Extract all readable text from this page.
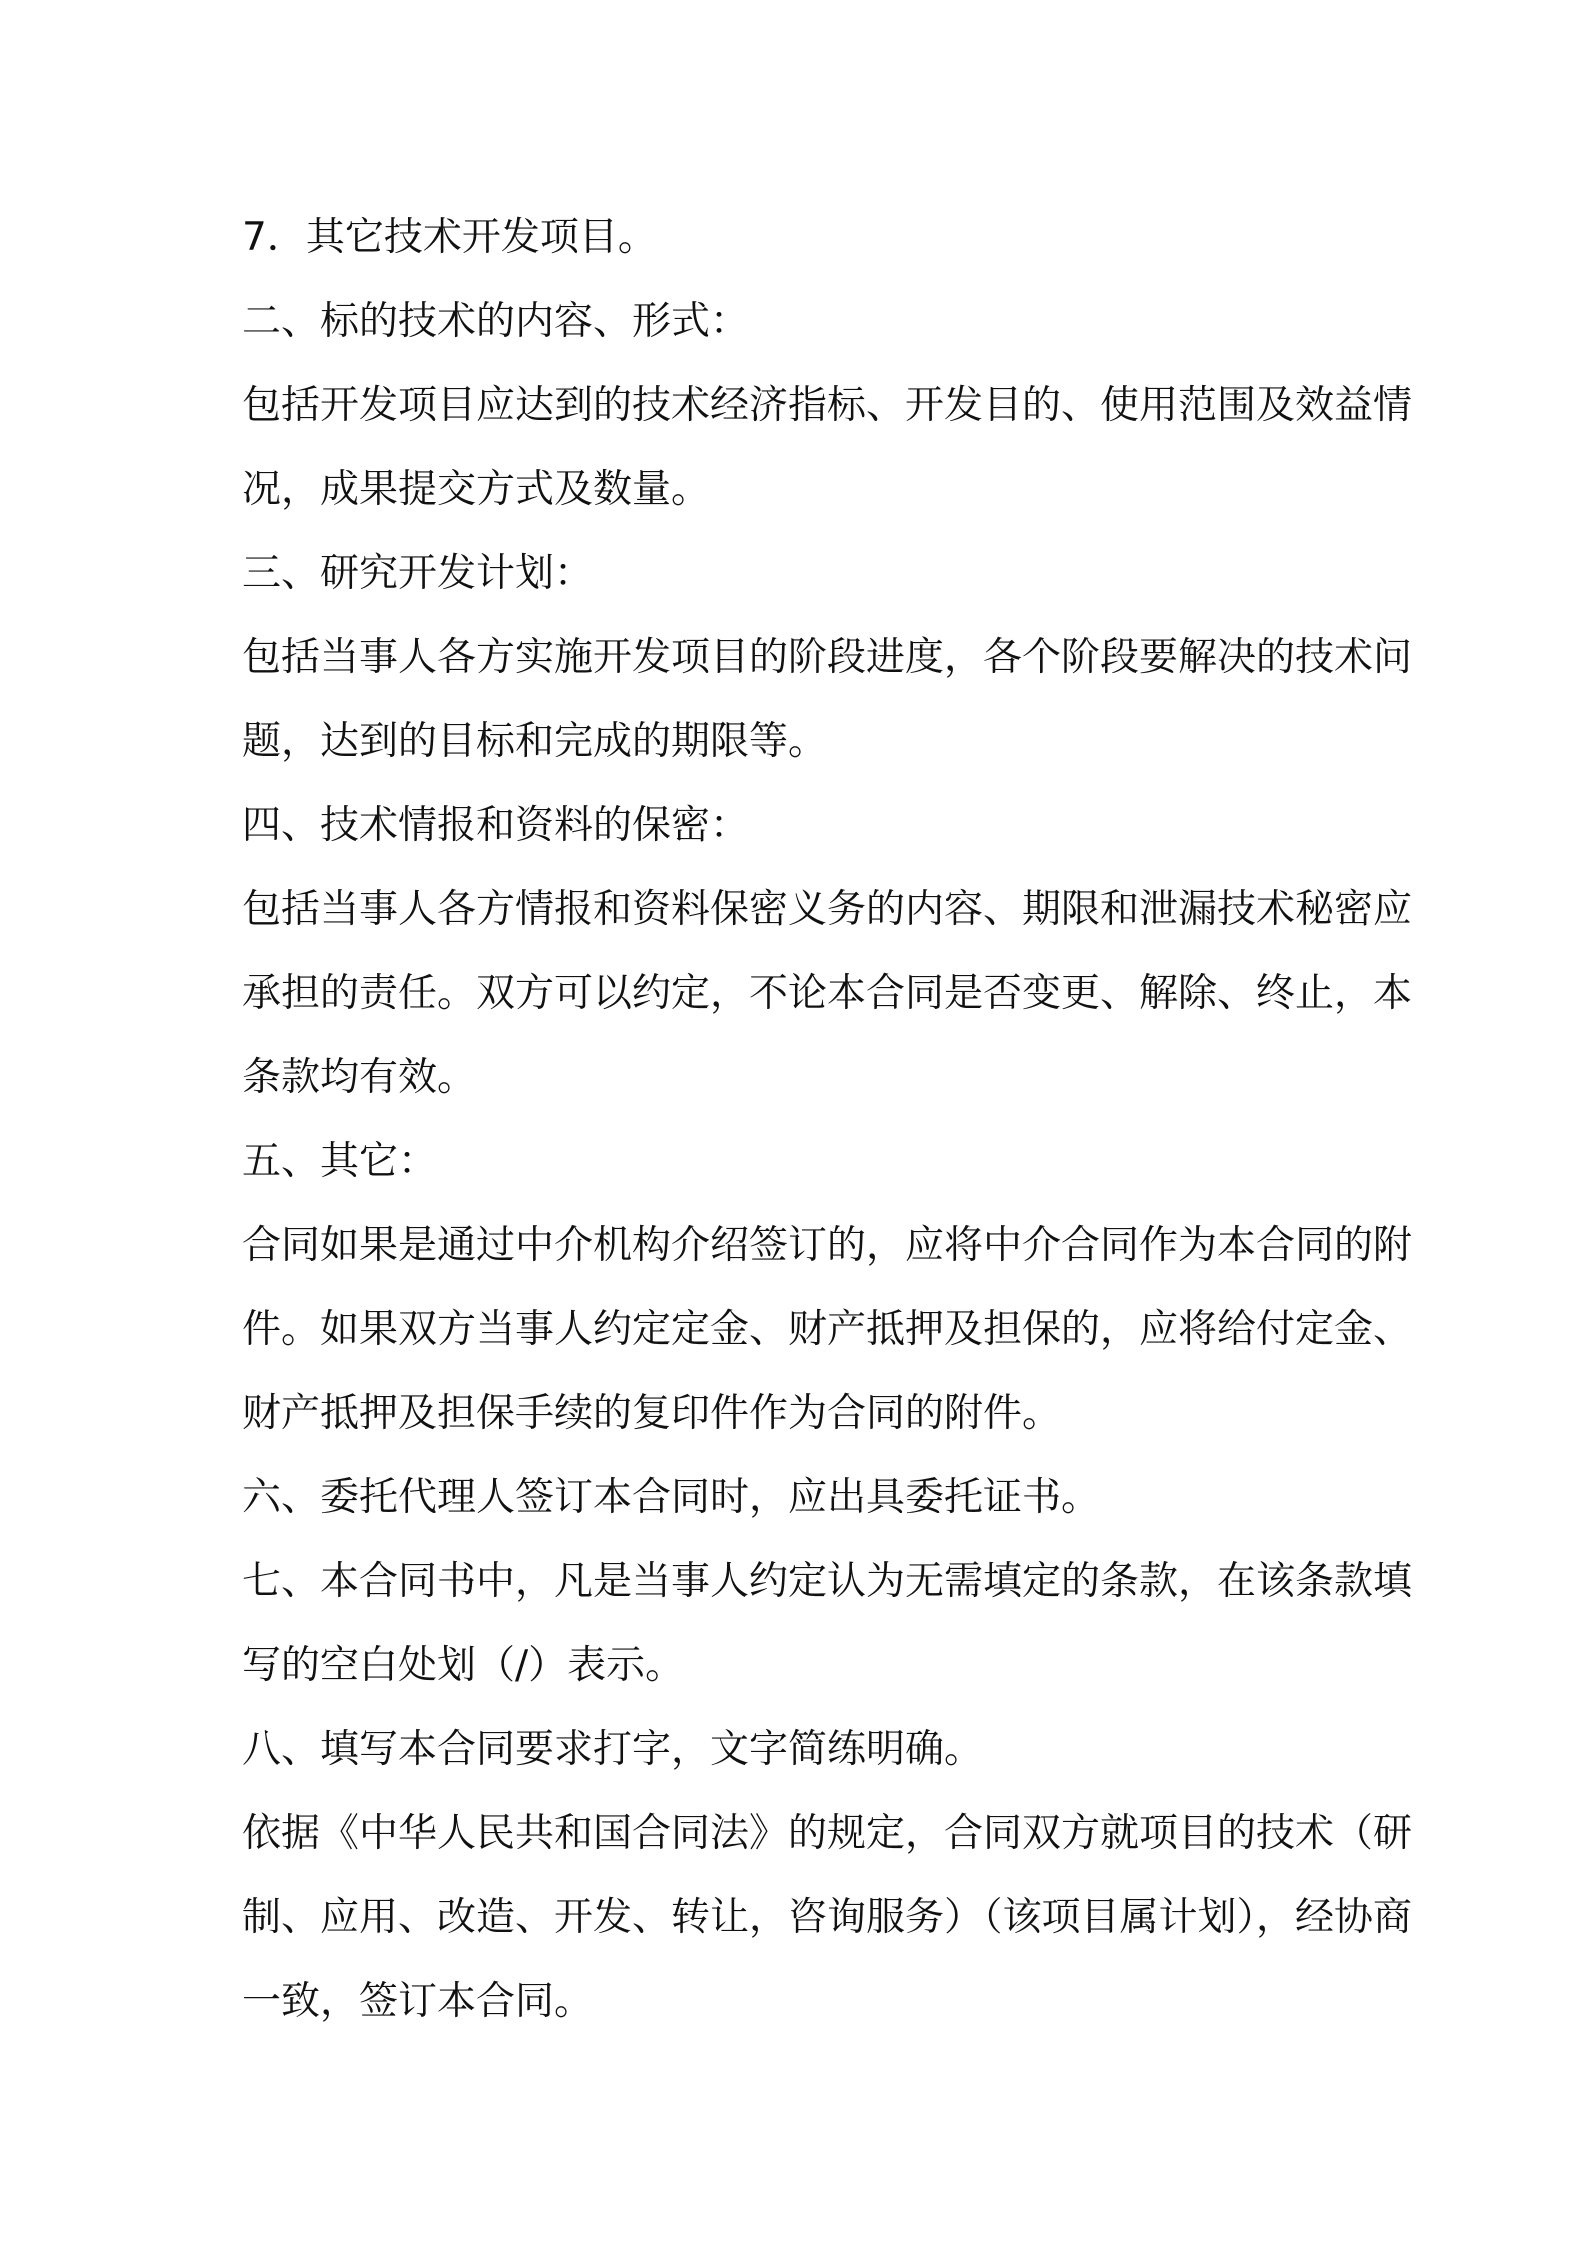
7．其它技术开发项目。
二、标的技术的内容、形式：
包括开发项目应达到的技术经济指标、开发目的、使用范围及效益情
况，成果提交方式及数量。
三、研究开发计划：
包括当事人各方实施开发项目的阶段进度，各个阶段要解决的技术问
题，达到的目标和完成的期限等。
四、技术情报和资料的保密：
包括当事人各方情报和资料保密义务的内容、期限和泄漏技术秘密应
承担的责任。双方可以约定，不论本合同是否变更、解除、终止，本
条款均有效。
五、其它：
合同如果是通过中介机构介绍签订的，应将中介合同作为本合同的附
件。如果双方当事人约定定金、财产抵押及担保的，应将给付定金、
财产抵押及担保手续的复印件作为合同的附件。
六、委托代理人签订本合同时，应出具委托证书。
七、本合同书中，凡是当事人约定认为无需填定的条款，在该条款填
写的空白处划（/）表示。
八、填写本合同要求打字，文字简练明确。
依据《中华人民共和国合同法》的规定，合同双方就项目的技术（研
制、应用、改造、开发、转让，咨询服务）（该项目属计划），经协商
一致，签订本合同。
